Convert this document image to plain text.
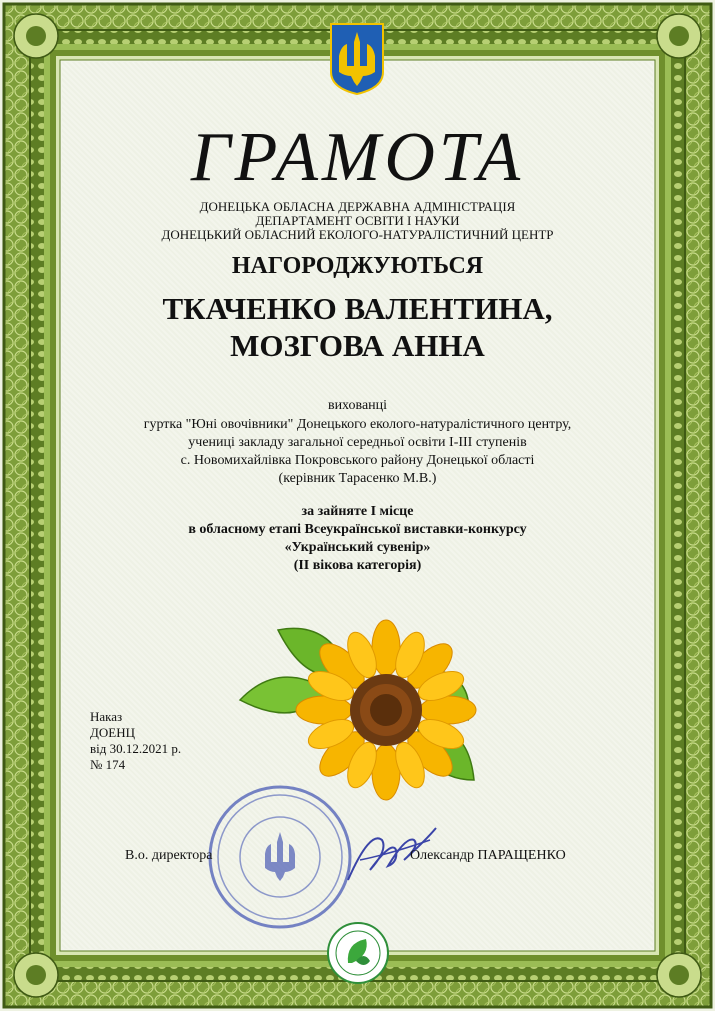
ГРАМОТА
ДОНЕЦЬКА ОБЛАСНА ДЕРЖАВНА АДМІНІСТРАЦІЯ
ДЕПАРТАМЕНТ ОСВІТИ І НАУКИ
ДОНЕЦЬКИЙ ОБЛАСНИЙ ЕКОЛОГО-НАТУРАЛІСТИЧНИЙ ЦЕНТР
НАГОРОДЖУЮТЬСЯ
ТКАЧЕНКО ВАЛЕНТИНА,
МОЗГОВА АННА
вихованці
гуртка "Юні овочівники" Донецького еколого-натуралістичного центру,
учениці закладу загальної середньої освіти І-ІІІ ступенів
с. Новомихайлівка Покровського району Донецької області
(керівник Тарасенко М.В.)
за зайняте І місце
в обласному етапі Всеукраїнської виставки-конкурсу
«Український сувенір»
(ІІ вікова категорія)
Наказ
ДОЕНЦ
від 30.12.2021 р.
№ 174
В.о. директора	Олександр ПАРАЩЕНКО
